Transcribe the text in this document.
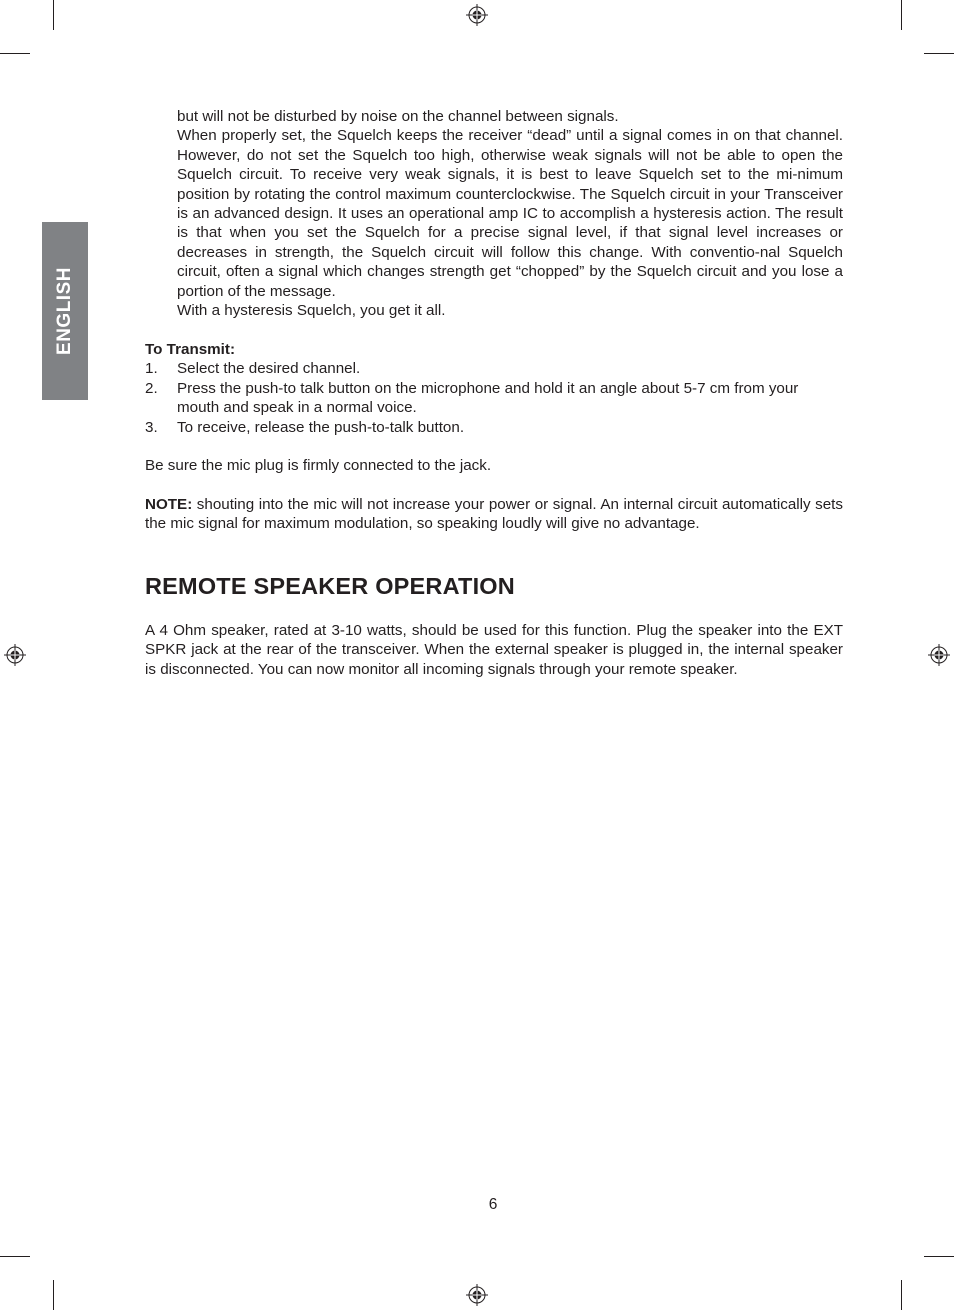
ENGLISH

but will not be disturbed by noise on the channel between signals.

When properly set, the Squelch keeps the receiver “dead” until a signal comes in on that channel. However, do not set the Squelch too high, otherwise weak signals will not be able to open the Squelch circuit. To receive very weak signals, it is best to leave Squelch set to the mi-nimum position by rotating the control maximum counterclockwise. The Squelch circuit in your Transceiver is an advanced design. It uses an operational amp IC to accomplish a hysteresis action. The result is that when you set the Squelch for a precise signal level, if that signal level increases or decreases in strength, the Squelch circuit will follow this change. With conventio-nal Squelch circuit, often a signal which changes strength get “chopped” by the Squelch circuit and you lose a portion of the message.

With a hysteresis Squelch, you get it all.

To Transmit:

1. Select the desired channel.
2. Press the push-to talk button on the microphone and hold it an angle about 5-7 cm from your mouth and speak in a normal voice.
3. To receive, release the push-to-talk button.

Be sure the mic plug is firmly connected to the jack.

NOTE: shouting into the mic will not increase your power or signal. An internal circuit automatically sets the mic signal for maximum modulation, so speaking loudly will give no advantage.

REMOTE SPEAKER OPERATION

A 4 Ohm speaker, rated at 3-10 watts, should be used for this function. Plug the speaker into the EXT SPKR jack at the rear of the transceiver. When the external speaker is plugged in, the internal speaker is disconnected. You can now monitor all incoming signals through your remote speaker.

6
